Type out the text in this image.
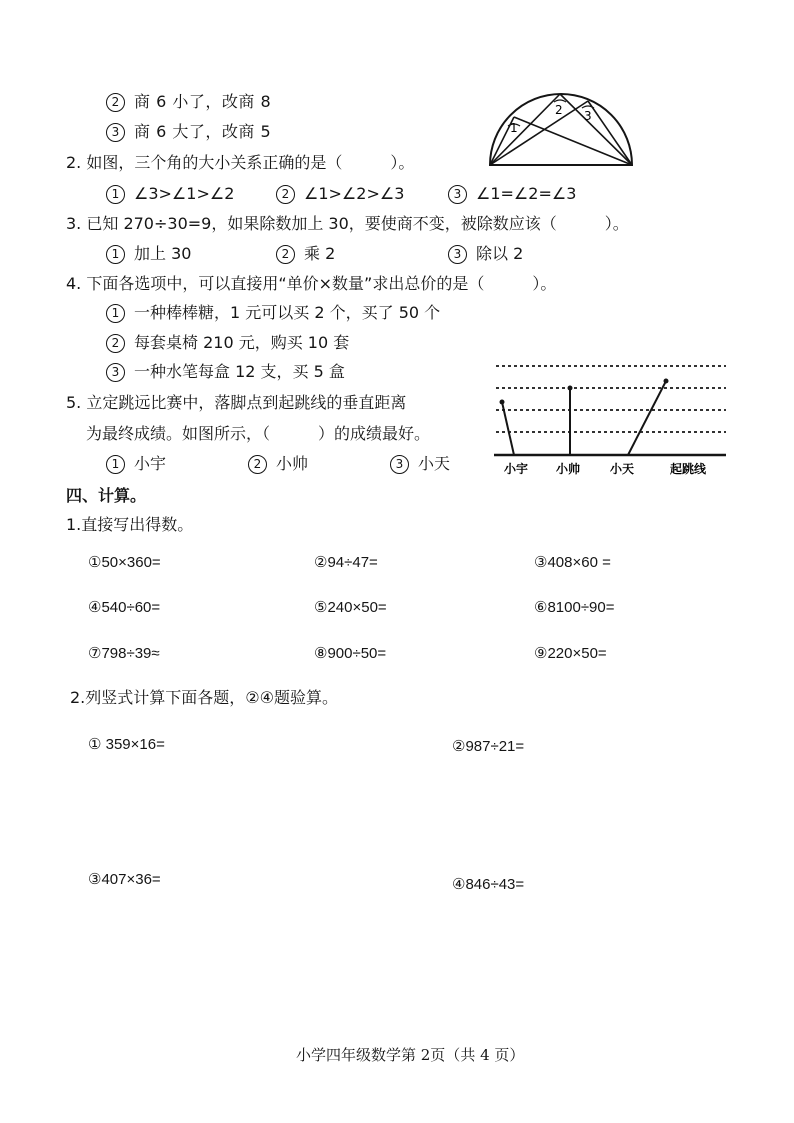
2 商 6 小了，改商 8
3 商 6 大了，改商 5	1
2 3
2. 如图，三个角的大小关系正确的是（　　　）。
1 ∠3>∠1>∠2	2 ∠1>∠2>∠3	3 ∠1=∠2=∠3
3. 已知 270÷30=9，如果除数加上 30，要使商不变，被除数应该（　　　）。
1 加上 30	2 乘 2	3 除以 2
4. 下面各选项中，可以直接用“单价×数量”求出总价的是（　　　）。
1 一种棒棒糖，1 元可以买 2 个，买了 50 个
2 每套桌椅 210 元，购买 10 套
3 一种水笔每盒 12 支，买 5 盒
小宇 小帅 小天	起跳线
5. 立定跳远比赛中，落脚点到起跳线的垂直距离
为最终成绩。如图所示，（　　　）的成绩最好。
1 小宇	2 小帅	3 小天
四、计算。
1.直接写出得数。
①50×360=	②94÷47=	③408×60 =
④540÷60=	⑤240×50=	⑥8100÷90=
⑦798÷39≈	⑧900÷50=	⑨220×50=
2.列竖式计算下面各题，②④题验算。
① 359×16=	②987÷21=
③407×36=	④846÷43=
小学四年级数学第 2页（共 4 页）
